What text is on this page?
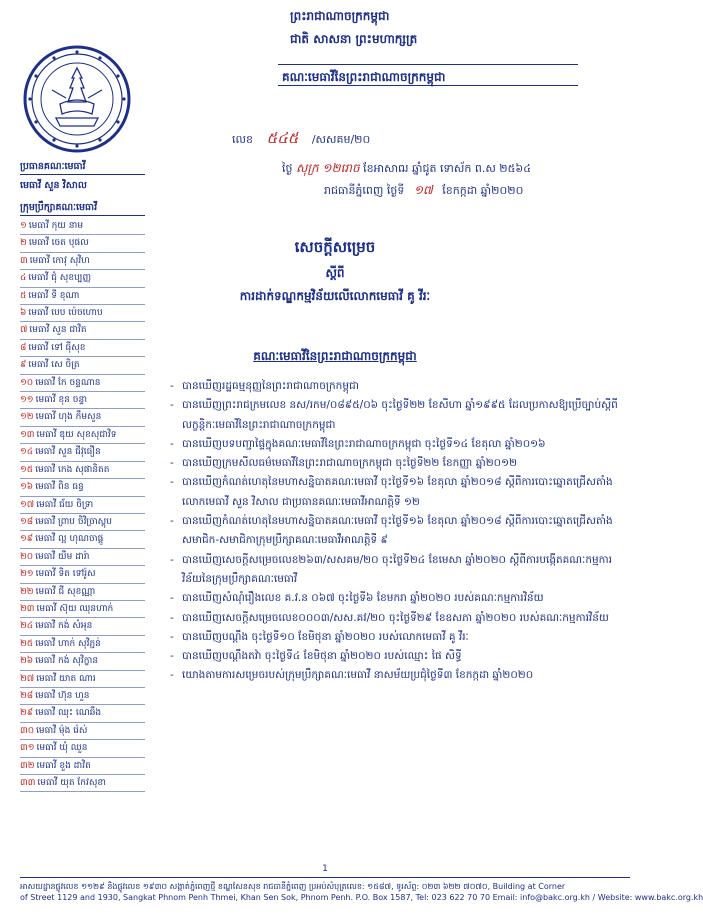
ព្រះរាជាណាចក្រកម្ពុជា
ជាតិ សាសនា ព្រះមហាក្សត្រ
គណៈមេធាវីនៃព្រះរាជាណាចក្រកម្ពុជា
ប្រធានគណៈមេធាវី
មេធាវី សួន វិសាល
ក្រុមប្រឹក្សាគណៈមេធាវី
១ មេធាវី កុយ នាម
២ មេធាវី ចេត បុផល
៣ មេធាវី កោវុ សុវិហ
៤ មេធាវី ជុំ សុខប្បញ្ញ
៥ មេធាវី ទី ខុណា
៦ មេធាវី បេប ប៉េចហោប
៧ មេធាវី សួន ជាវិត
៨ មេធាវី ទៅ ធុីសុខ
៩ មេធាវី សេ ចិត្រ
១០ មេធាវី កែ ចន្ទណាន
១១ មេធាវី ខុន ចន្ទា
១២ មេធាវី ហុង កឹមសួន
១៣ មេធាវី ឌុយ សុខសុជាវិទ
១៤ មេធាវី សួន ជីវុធឿន
១៥ មេធាវី កេង សុផានិតត
១៦ មេធាវី ពិន ធន្ធ
១៧ មេធាវី ជ័យ ចិទ្រា
១៨ មេធាវី ព្រាប ចិវិច្រាស្តុប
១៩ មេធាវី ល្អ ហុណចាផ្ដូ
២០ មេធាវី យឹម ដារ៉ា
២១ មេធាវី ទិត ទៅរ៉ូស
២២ មេធាវី ជី សុខណ្ណា
២៣ មេធាវី ស៊ុយ ឈុនហាក់
២៤ មេធាវី កង់ សំអុន
២៥ មេធាវី ហាក់ សុវិភ្ជន់
២៦ មេធាវី កង់ សុវិក្ខាន
២៧ មេធាវី យាត ណារ
២៨ មេធាវី ហ៊ុន ហួន
២៩ មេធាវី ឈុះ ណេឆឹង
៣០ មេធាវី ម៉ុង រ៉េស់
៣១ មេធាវី ឃុំ ឈួន
៣២ មេធាវី ខួង ដាវិត
៣៣ មេធាវី យុត កែវសុខា
លេខ ៥៤៥ /សសគម/២០
ថ្ងៃ សុក្រ ១២រោច ខែអាសាឍ ឆ្នាំជូត ទោស័ក ព.ស ២៥៦៤
រាជធានីភ្នំពេញ ថ្ងៃទី ១៧ ខែកក្កដា ឆ្នាំ២០២០
សេចក្ដីសម្រេច
ស្ដីពី
ការដាក់ទណ្ឌកម្មវិន័យលើលោកមេធាវី គូ វីរៈ
គណៈមេធាវីនៃព្រះរាជាណាចក្រកម្ពុជា
- បានឃើញរដ្ឋធម្មនុញ្ញនៃព្រះរាជាណាចក្រកម្ពុជា
- បានឃើញព្រះរាជក្រមលេខ នស/រកម/០៨៩៥/០៦ ចុះថ្ងៃទី២២ ខែសីហា ឆ្នាំ១៩៩៥ ដែលប្រកាសឱ្យប្រើច្បាប់ស្ដីពីលក្ខន្តិកៈមេធាវីនៃព្រះរាជាណាចក្រកម្ពុជា
- បានឃើញបទបញ្ជាផ្ទៃក្នុងគណៈមេធាវីនៃព្រះរាជាណាចក្រកម្ពុជា ចុះថ្ងៃទី១៤ ខែតុលា ឆ្នាំ២០១៦
- បានឃើញក្រមសីលធម៌មេធាវីនៃព្រះរាជាណាចក្រកម្ពុជា ចុះថ្ងៃទី២២ ខែកញ្ញា ឆ្នាំ២០១២
- បានឃើញកំណត់ហេតុនៃមហាសន្និបាតគណៈមេធាវី ចុះថ្ងៃទី១៦ ខែតុលា ឆ្នាំ២០១៨ ស្ដីពីការបោះឆ្នោតជ្រើសតាំងលោកមេធាវី សួន វិសាល ជាប្រធានគណៈមេធាវីអាណត្តិទី ១២
- បានឃើញកំណត់ហេតុនៃមហាសន្និបាតគណៈមេធាវី ចុះថ្ងៃទី១៦ ខែតុលា ឆ្នាំ២០១៨ ស្ដីពីការបោះឆ្នោតជ្រើសតាំងសមាជិក-សមាជិកាក្រុមប្រឹក្សាគណៈមេធាវីអាណត្តិទី ៩
- បានឃើញសេចក្ដីសម្រេចលេខ២៦៣/សសគម/២០ ចុះថ្ងៃទី២៤ ខែមេសា ឆ្នាំ២០២០ ស្ដីពីការបង្កើតគណៈកម្មការវិន័យនៃក្រុមប្រឹក្សាគណៈមេធាវី
- បានឃើញសំណុំរឿងលេខ គ.វ.ន ០៦៧ ចុះថ្ងៃទី៦ ខែមករា ឆ្នាំ២០២០ របស់គណៈកម្មការវិន័យ
- បានឃើញសេចក្ដីសម្រេចលេខ០០០៣/សស.គវ/២០ ចុះថ្ងៃទី២៩ ខែឧសភា ឆ្នាំ២០២០ របស់គណៈកម្មការវិន័យ
- បានឃើញបណ្ដឹង ចុះថ្ងៃទី១០ ខែមិថុនា ឆ្នាំ២០២០ របស់លោកមេធាវី គូ វីរៈ
- បានឃើញបណ្ដឹងតវ៉ា ចុះថ្ងៃទី៤ ខែមិថុនា ឆ្នាំ២០២០ របស់ឈ្មោះ ផៃ សិទ្ធី
- យោងតាមការសម្រេចរបស់ក្រុមប្រឹក្សាគណៈមេធាវី នាសម័យប្រជុំថ្ងៃទី៣ ខែកក្កដា ឆ្នាំ២០២០
1
អាសយដ្ឋានផ្លូវលេខ ១១២៩ និងផ្លូវលេខ ១៩៣០ សង្កាត់ភ្នំពេញថ្មី ខណ្ឌសែនសុខ រាជធានីភ្នំពេញ ប្រអប់សំបុត្រលេខ: ១៥៨៧, ទូរស័ព្ទ: ០២៣ ៦២២ ៧០៧០, Building at Corner
of Street 1129 and 1930, Sangkat Phnom Penh Thmei, Khan Sen Sok, Phnom Penh. P.O. Box 1587, Tel: 023 622 70 70 Email: info@bakc.org.kh / Website: www.bakc.org.kh
